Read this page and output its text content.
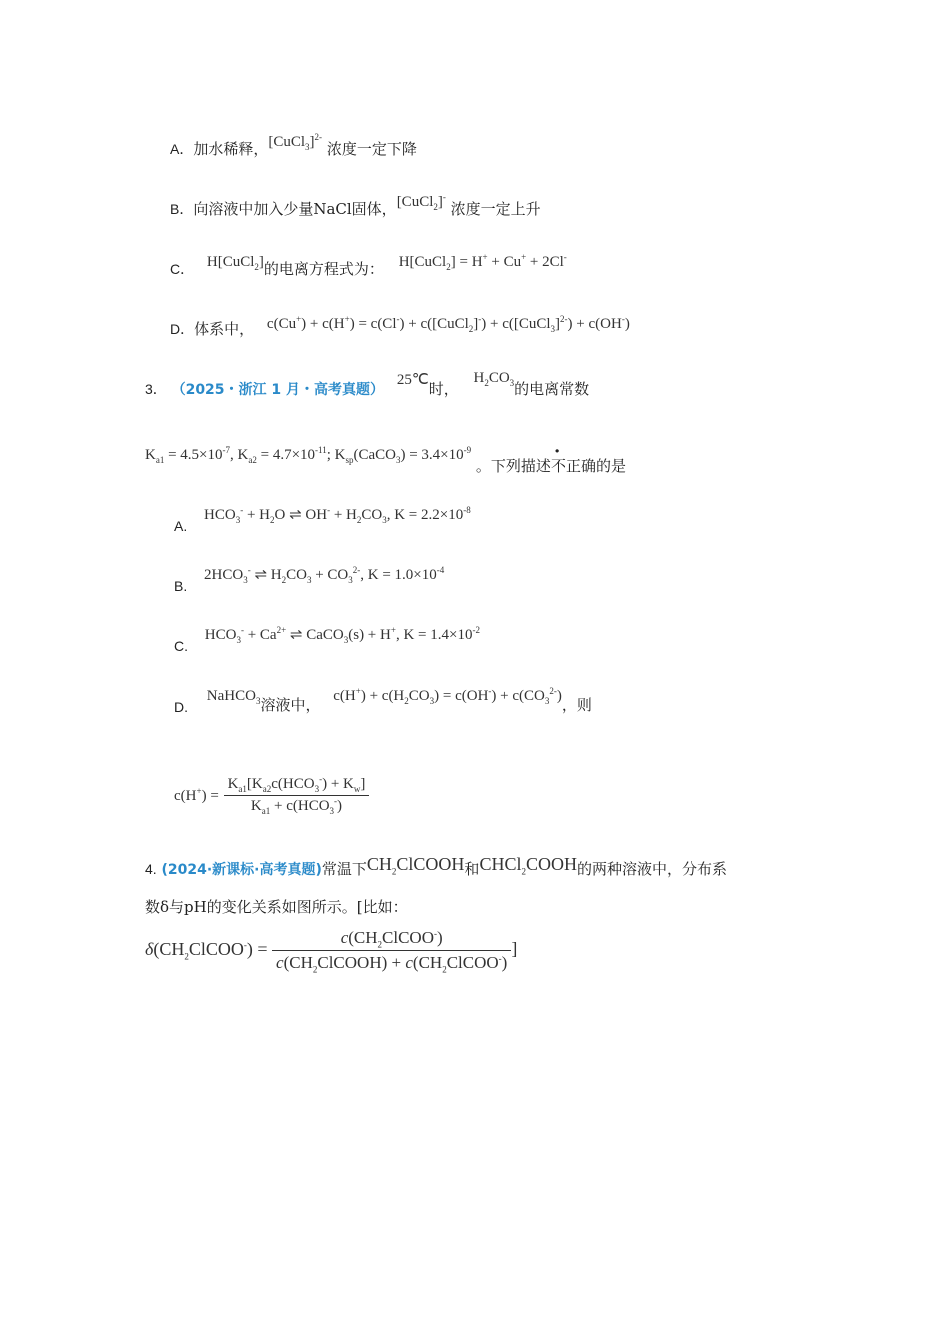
A．加水稀释，[CuCl$_3$]$^{2-}$ 浓度一定下降
B．向溶液中加入少量NaCl固体，[CuCl$_2$]- 浓度一定上升
C． H[CuCl$_2$]的电离方程式为： H[CuCl$_2$] = H+ + Cu+ + 2Cl-
D．体系中， c(Cu+) + c(H+) = c(Cl-) + c([CuCl$_2$]-) + c([CuCl$_3$]$^{2-}$) + c(OH-)
3． （2025・浙江 1 月・高考真题） 25℃时， $H_2CO_3$的电离常数
$K_{a1} = 4.5\times 10^{-7}$, $K_{a2} = 4.7\times 10^{-11}$; $K_{sp}(CaCO_3) = 3.4\times 10^{-9}$ 。下列描述不正确的是
A. $HCO_3^- + H_2O$ ⇌ $OH^- + H_2CO_3$, $K = 2.2\times 10^{-8}$
B. $2HCO_3^-$ ⇌ $H_2CO_3 + CO_3^{2-}$, $K = 1.0\times 10^{-4}$
C. $HCO_3^- + Ca^{2+}$ ⇌ CaCO$_3$(s) + H+, $K = 1.4\times 10^{-2}$
D. NaHCO$_3$溶液中， $c(H^+) + c(H_2CO_3) = c(OH^-) + c(CO_3^{2-})$，则
$c(H^+) = \frac{K_{a1}[K_{a2}c(HCO_3^-) + K_w]}{K_{a1} + c(HCO_3^-)}$
4. (2024·新课标·高考真题)常温下$CH_2ClCOOH$和CHCl$_2$COOH的两种溶液中，分布系
数δ与pH的变化关系如图所示。[比如：
$\delta(CH_2ClCOO^-) = \frac{c(CH_2ClCOO^-)}{c(CH_2ClCOOH) + c(CH_2ClCOO^-)}$ ]
